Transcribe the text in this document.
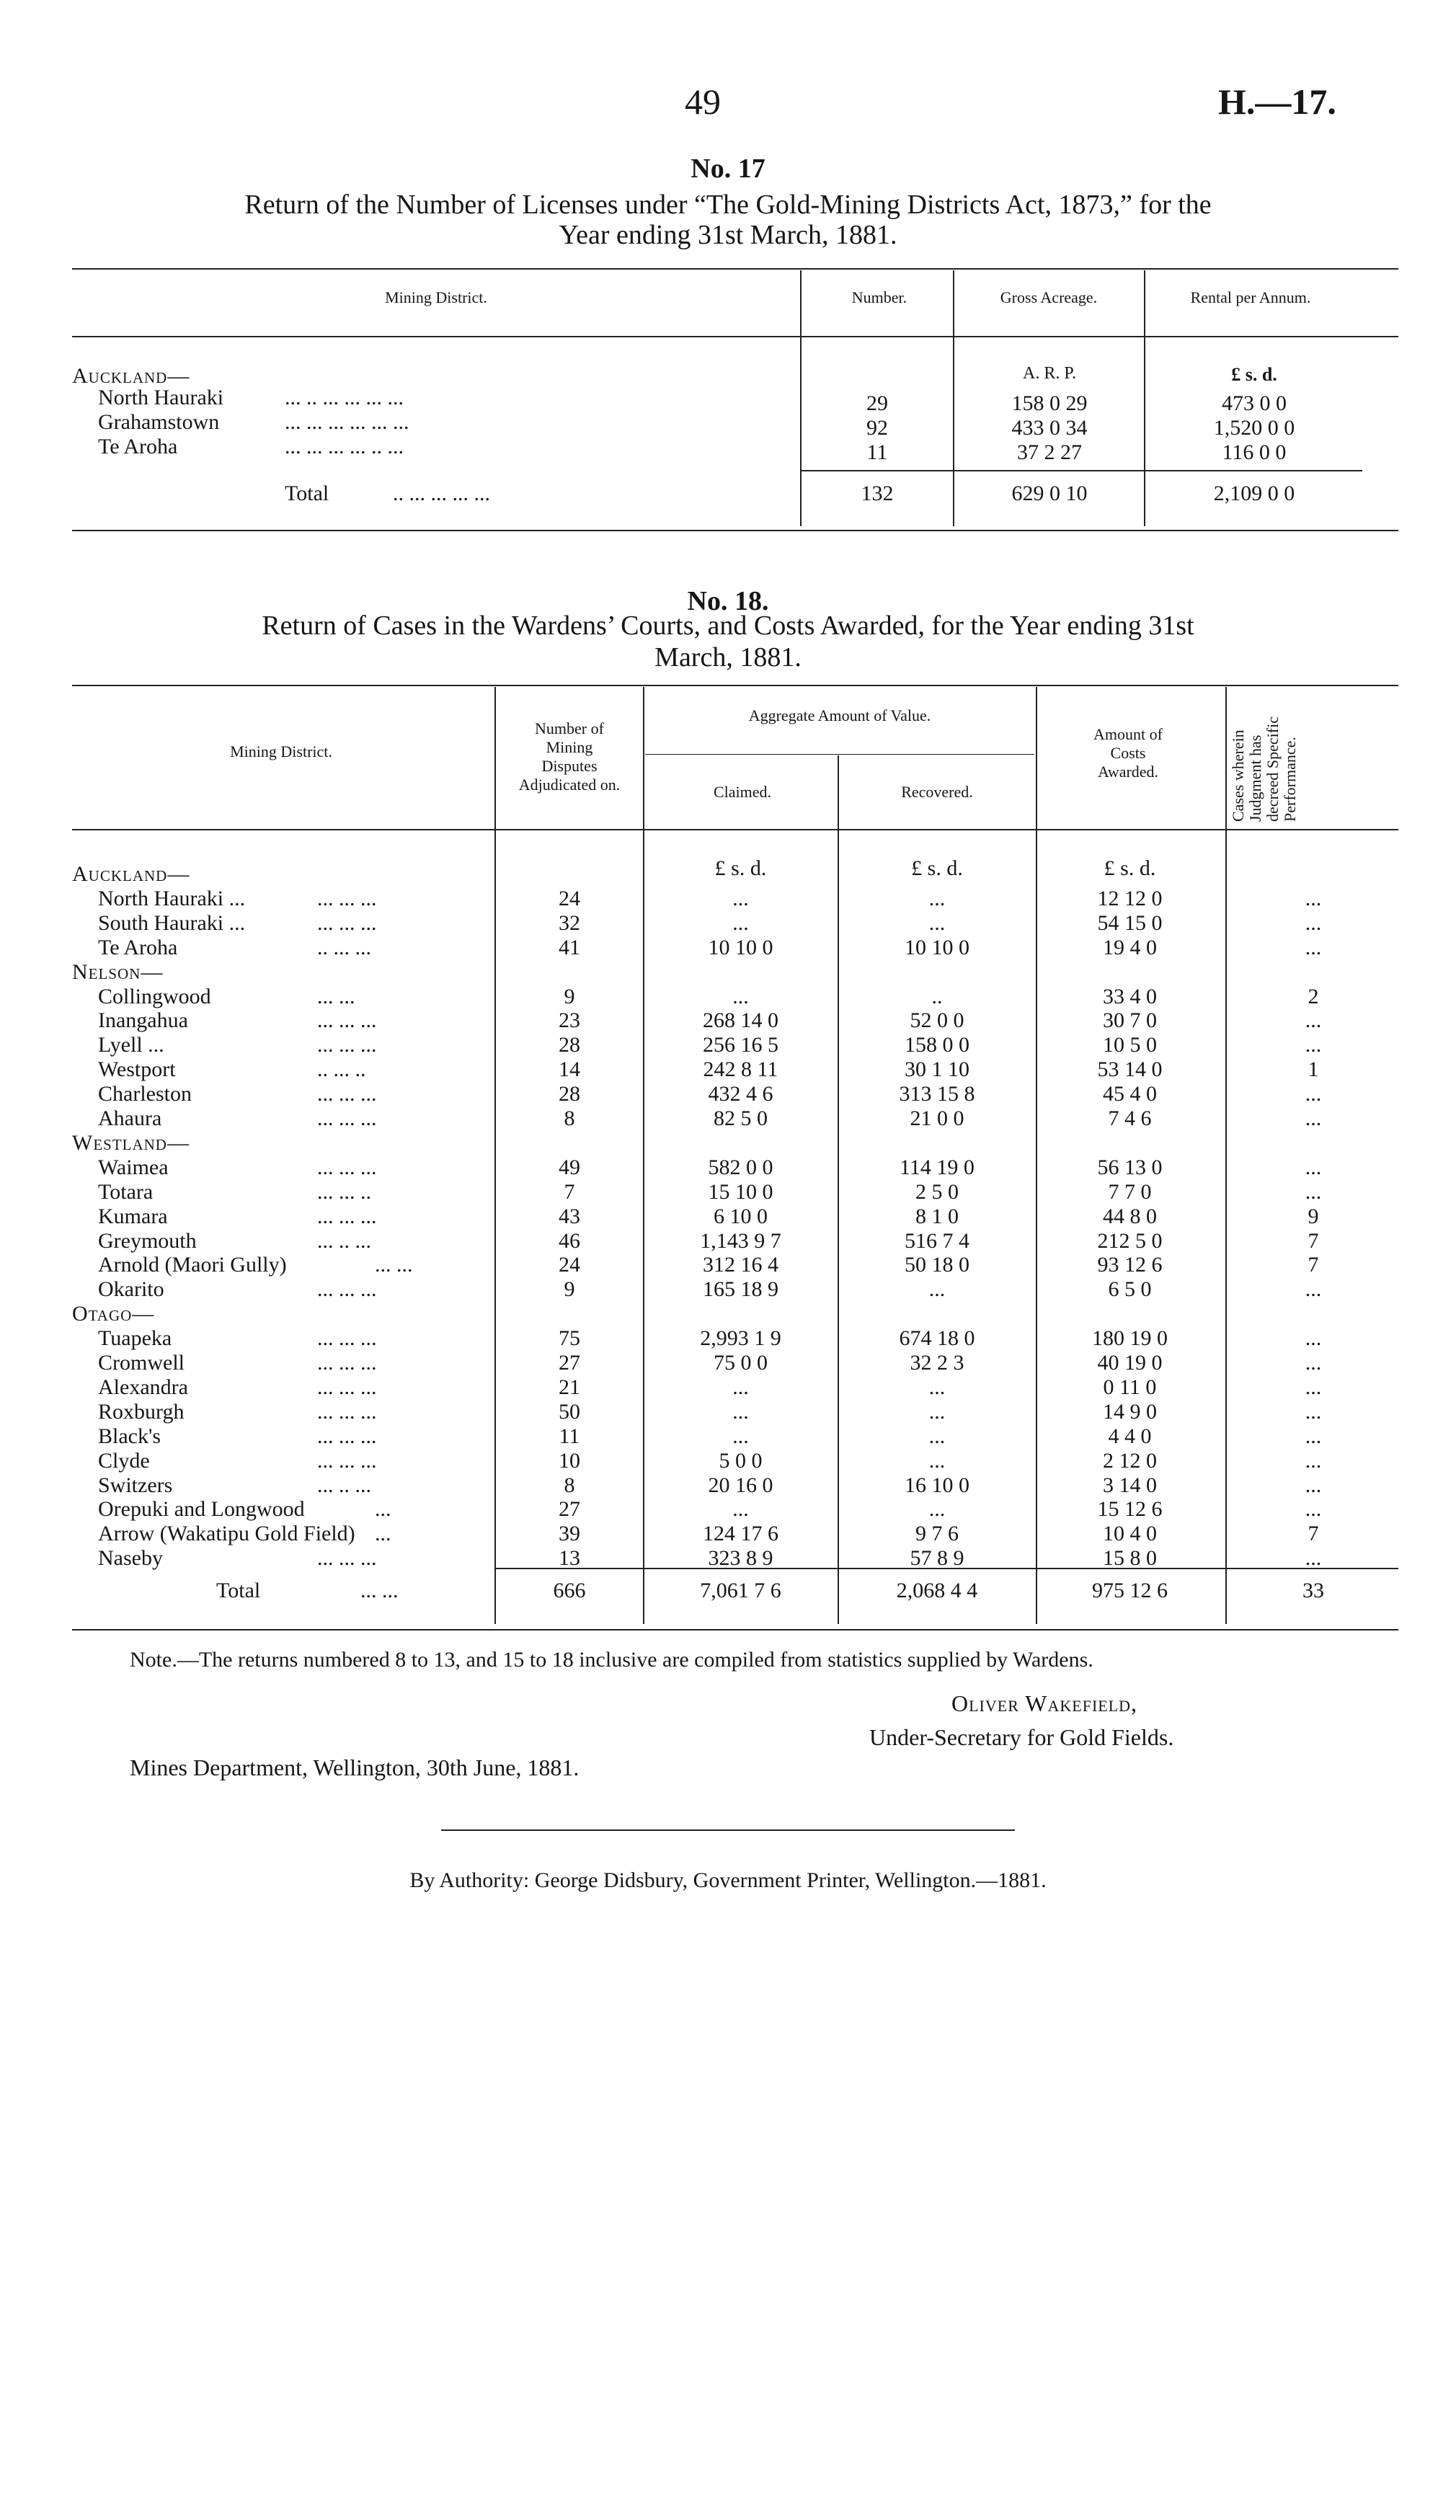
49	H.—17.
No. 17
Return of the Number of Licenses under “The Gold-Mining Districts Act, 1873,” for the
Year ending 31st March, 1881.
Mining District.	Number.	Gross Acreage.	Rental per Annum.
A. R. P.	£ s. d.
Auckland—
North Hauraki	... .. ... ... ... ...	29	158 0 29	473 0 0
Grahamstown	... ... ... ... ... ...	92	433 0 34	1,520 0 0
Te Aroha	... ... ... ... .. ...	11	37 2 27	116 0 0
Total	.. ... ... ... ...	132	629 0 10	2,109 0 0
No. 18.
Return of Cases in the Wardens’ Courts, and Costs Awarded, for the Year ending 31st
March, 1881.
Mining District.
Number of
Mining
Disputes
Adjudicated on.
Aggregate Amount of Value.
Claimed.	Recovered.
Amount of
Costs
Awarded.	Cases wherein Judgment has decreed Specific Performance.
£ s. d.	£ s. d.	£ s. d.
Auckland—
North Hauraki ...	... ... ...	24	...	...	12 12 0	...
South Hauraki ...	... ... ...	32	...	...	54 15 0	...
Te Aroha	.. ... ...	41	10 10 0	10 10 0	19 4 0	...
Nelson—
Collingwood	... ...	9	...	..	33 4 0	2
Inangahua	... ... ...	23	268 14 0	52 0 0	30 7 0	...
Lyell ...	... ... ...	28	256 16 5	158 0 0	10 5 0	...
Westport	.. ... ..	14	242 8 11	30 1 10	53 14 0	1
Charleston	... ... ...	28	432 4 6	313 15 8	45 4 0	...
Ahaura	... ... ...	8	82 5 0	21 0 0	7 4 6	...
Westland—
Waimea	... ... ...	49	582 0 0	114 19 0	56 13 0	...
Totara	... ... ..	7	15 10 0	2 5 0	7 7 0	...
Kumara	... ... ...	43	6 10 0	8 1 0	44 8 0	9
Greymouth	... .. ...	46	1,143 9 7	516 7 4	212 5 0	7
Arnold (Maori Gully)	... ...	24	312 16 4	50 18 0	93 12 6	7
Okarito	... ... ...	9	165 18 9	...	6 5 0	...
Otago—
Tuapeka	... ... ...	75	2,993 1 9	674 18 0	180 19 0	...
Cromwell	... ... ...	27	75 0 0	32 2 3	40 19 0	...
Alexandra	... ... ...	21	...	...	0 11 0	...
Roxburgh	... ... ...	50	...	...	14 9 0	...
Black's	... ... ...	11	...	...	4 4 0	...
Clyde	... ... ...	10	5 0 0	...	2 12 0	...
Switzers	... .. ...	8	20 16 0	16 10 0	3 14 0	...
Orepuki and Longwood	...	27	...	...	15 12 6	...
Arrow (Wakatipu Gold Field) ...	39	124 17 6	9 7 6	10 4 0	7
Naseby	... ... ...	13	323 8 9	57 8 9	15 8 0	...
Total	... ...	666	7,061 7 6	2,068 4 4	975 12 6	33
Note.—The returns numbered 8 to 13, and 15 to 18 inclusive are compiled from statistics supplied by Wardens.
Oliver Wakefield,
Under-Secretary for Gold Fields.
Mines Department, Wellington, 30th June, 1881.
By Authority: George Didsbury, Government Printer, Wellington.—1881.
